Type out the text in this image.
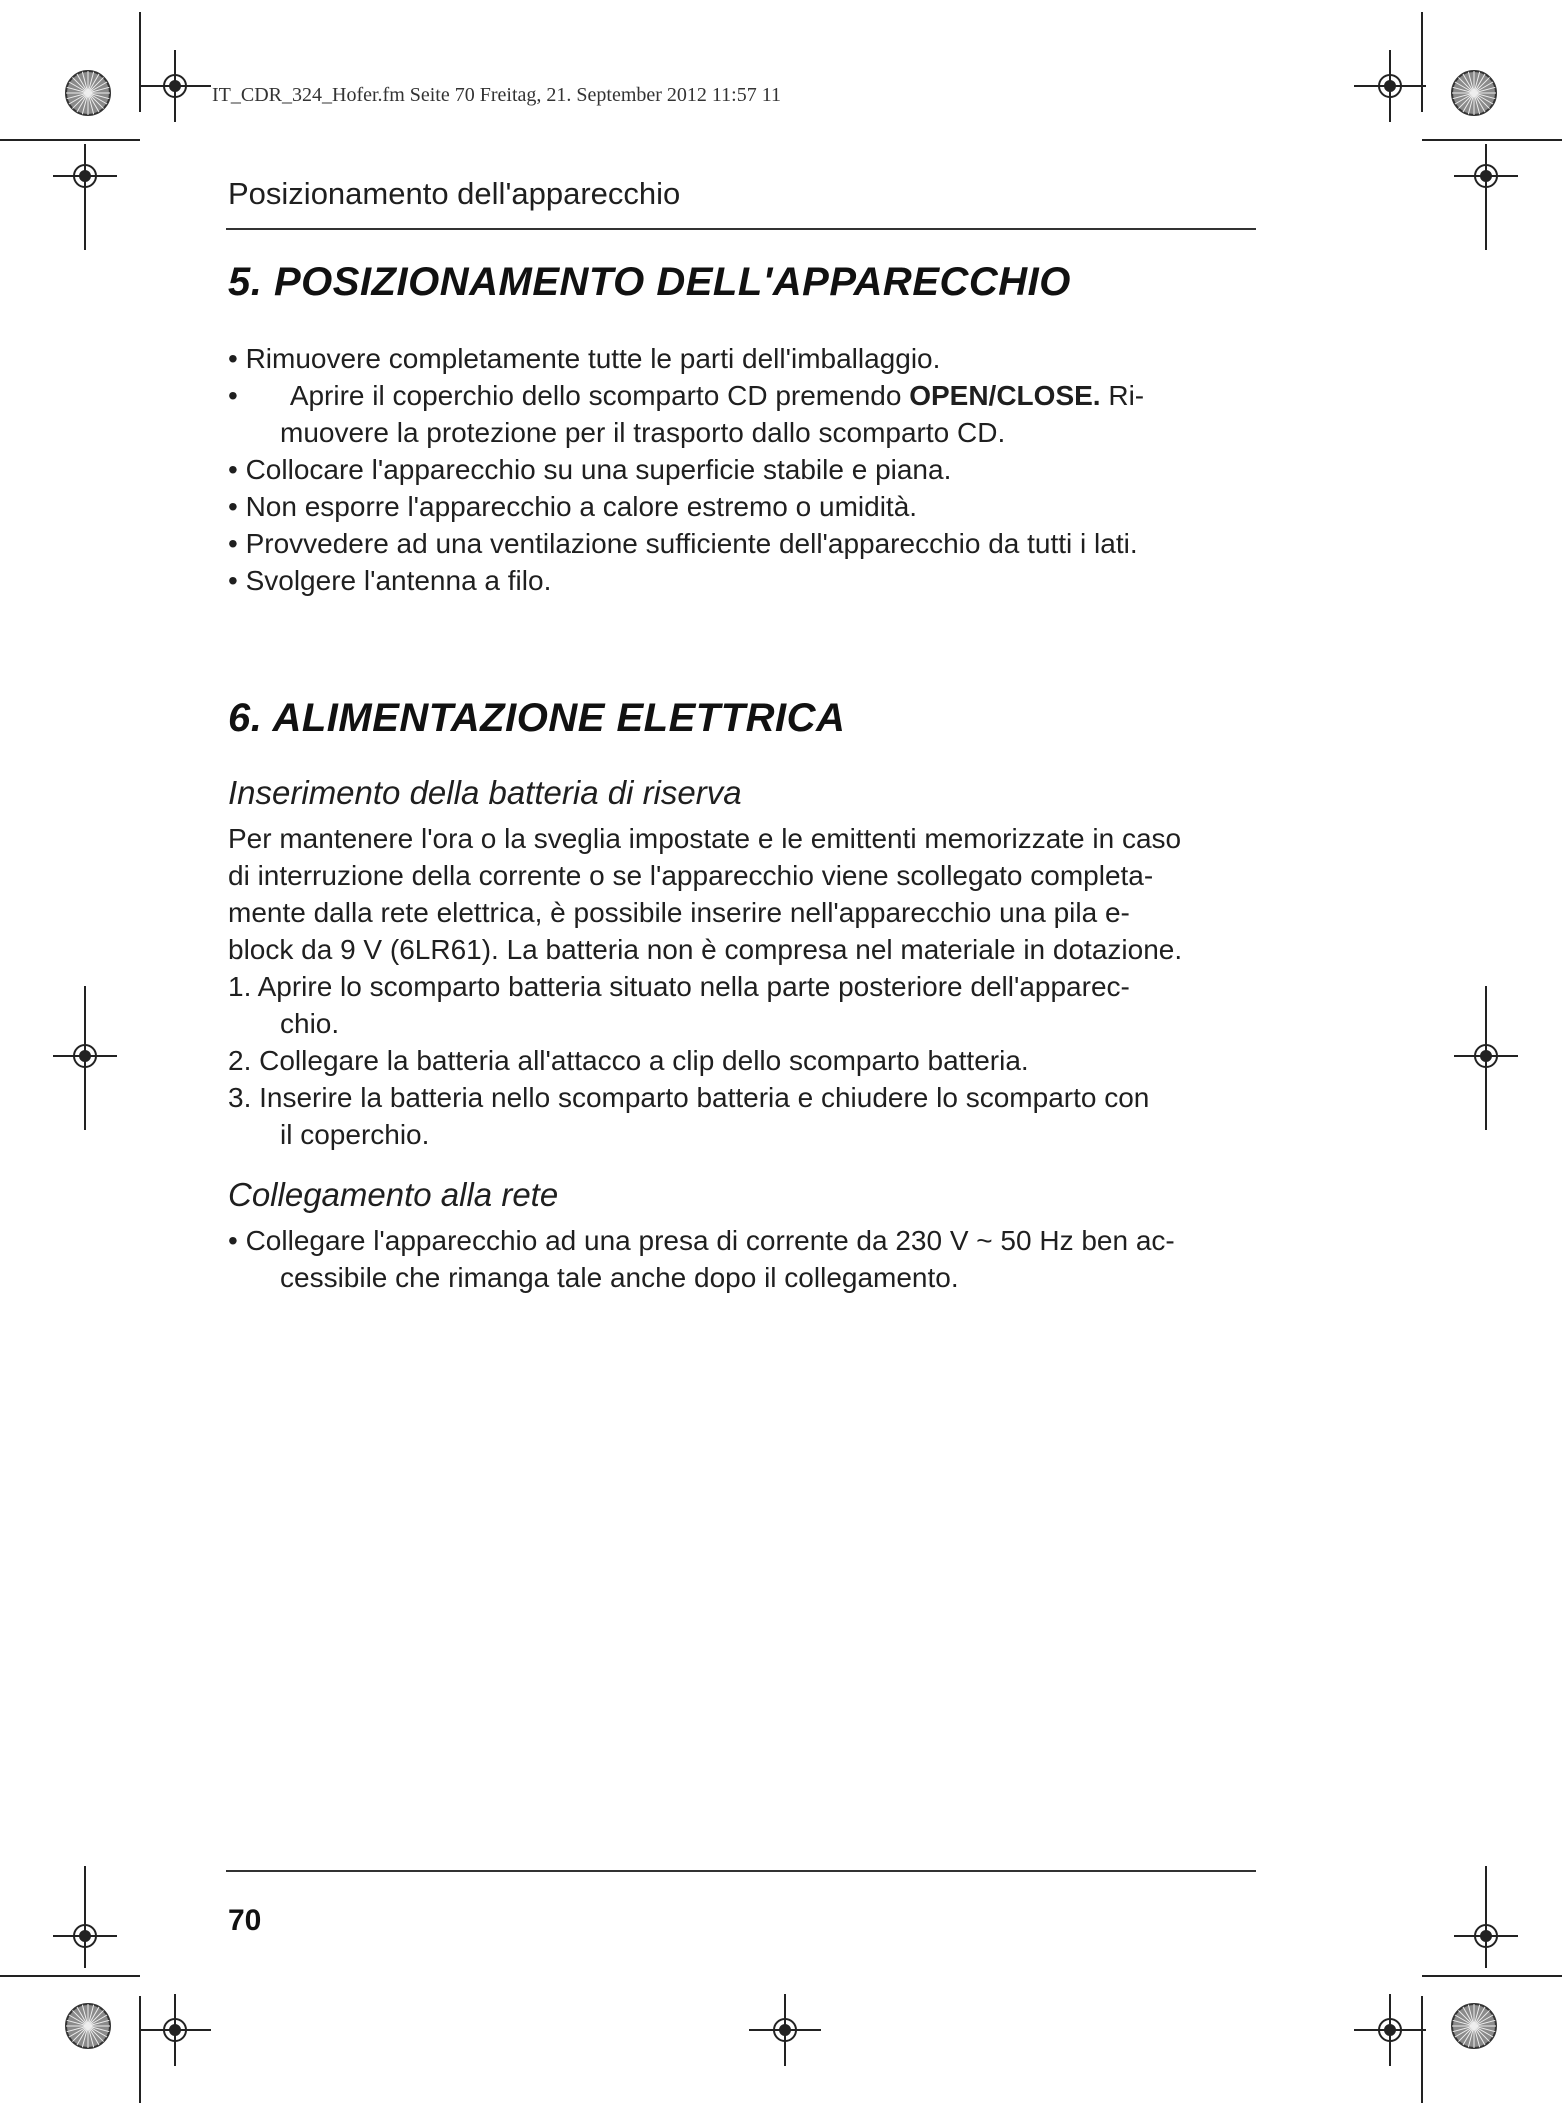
IT_CDR_324_Hofer.fm Seite 70 Freitag, 21. September 2012 11:57 11
Posizionamento dell'apparecchio
5. POSIZIONAMENTO DELL'APPARECCHIO
• Rimuovere completamente tutte le parti dell'imballaggio.
• Aprire il coperchio dello scomparto CD premendo OPEN/CLOSE. Ri-
muovere la protezione per il trasporto dallo scomparto CD.
• Collocare l'apparecchio su una superficie stabile e piana.
• Non esporre l'apparecchio a calore estremo o umidità.
• Provvedere ad una ventilazione sufficiente dell'apparecchio da tutti i lati.
• Svolgere l'antenna a filo.
6. ALIMENTAZIONE ELETTRICA
Inserimento della batteria di riserva
Per mantenere l'ora o la sveglia impostate e le emittenti memorizzate in caso
di interruzione della corrente o se l'apparecchio viene scollegato completa-
mente dalla rete elettrica, è possibile inserire nell'apparecchio una pila e-
block da 9 V (6LR61). La batteria non è compresa nel materiale in dotazione.
1. Aprire lo scomparto batteria situato nella parte posteriore dell'apparec-
chio.
2. Collegare la batteria all'attacco a clip dello scomparto batteria.
3. Inserire la batteria nello scomparto batteria e chiudere lo scomparto con
il coperchio.
Collegamento alla rete
• Collegare l'apparecchio ad una presa di corrente da 230 V ~ 50 Hz ben ac-
cessibile che rimanga tale anche dopo il collegamento.
70
